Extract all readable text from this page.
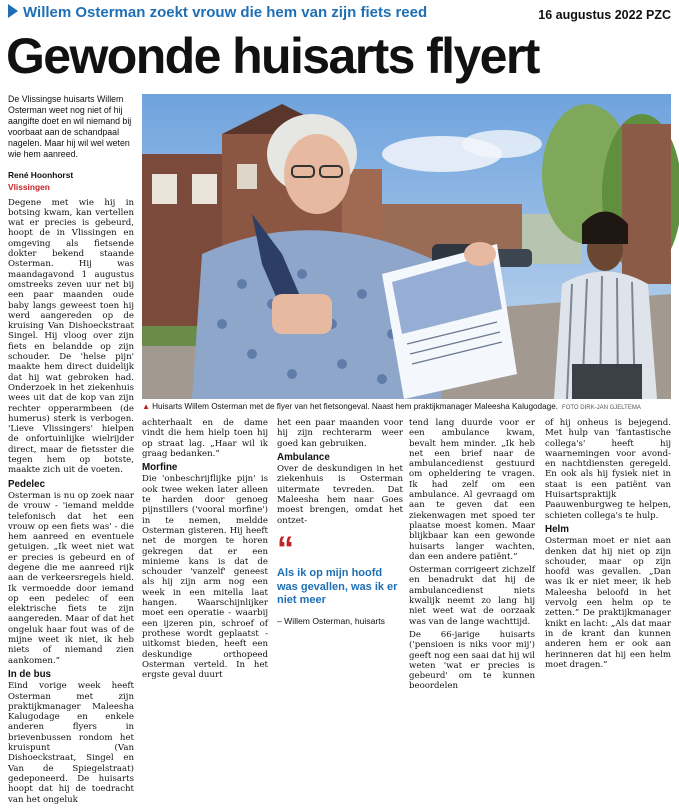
Willem Osterman zoekt vrouw die hem van zijn fiets reed	16 augustus 2022 PZC
Gewonde huisarts flyert
De Vlissingse huisarts Willem Osterman weet nog niet of hij aangifte doet en wil niemand bij voorbaat aan de schandpaal nagelen. Maar hij wil wel weten wie hem aanreed.
René Hoonhorst
Vlissingen
Degene met wie hij in botsing kwam, kan vertellen wat er precies is gebeurd, hoopt de in Vlissingen en omgeving als fietsende dokter bekend staande Osterman. Hij was maandagavond 1 augustus omstreeks zeven uur net bij een paar maanden oude baby langs geweest toen hij werd aangereden op de kruising Van Dishoeckstraat Singel. Hij vloog over zijn fiets en belandde op zijn schouder. De 'helse pijn' maakte hem direct duidelijk dat hij wat gebroken had. Onderzoek in het ziekenhuis wees uit dat de kop van zijn rechter opperarmbeen (de humerus) sterk is verbogen. 'Lieve Vlissingers' hielpen de onfortuinlijke wielrijder direct, maar de fietsster die tegen hem op botste, maakte zich uit de voeten.
Pedelec
Osterman is nu op zoek naar de vrouw - 'iemand meldde telefonisch dat het een vrouw op een fiets was' - die hem aanreed en eventuele getuigen. „Ik weet niet wat er precies is gebeurd en of degene die me aanreed rijk aan de verkeersregels hield. Ik vermoedde door iemand op een pedelec of een elektrische fiets te zijn aangereden. Maar of dat het ongeluk haar fout was of de mijne weet ik niet, ik heb niets of niemand zien aankomen.”
In de bus
Eind vorige week heeft Osterman met zijn praktijkmanager Maleesha Kalugodage en enkele anderen flyers in brievenbussen rondom het kruispunt (Van Dishoeckstraat, Singel en Van de Spiegelstraat) gedeponeerd. De huisarts hoopt dat hij de toedracht van het ongeluk
▲ Huisarts Willem Osterman met de flyer van het fietsongeval. Naast hem praktijkmanager Maleesha Kalugodage. FOTO DIRK-JAN GJELTEMA
achterhaalt en de dame vindt die hem hielp toen hij op straat lag. „Haar wil ik graag bedanken.”
Morfine
Die 'onbeschrijflijke pijn' is ook twee weken later alleen te harden door genoeg pijnstillers ('vooral morfine') in te nemen, meldde Osterman gisteren. Hij heeft net de morgen te horen gekregen dat er een minieme kans is dat de schouder 'vanzelf' geneest als hij zijn arm nog een week in een mitella laat hangen. Waarschijnlijker moet een operatie - waarbij een ijzeren pin, schroef of prothese wordt geplaatst - uitkomst bieden, heeft een deskundige orthopeed Osterman verteld. In het ergste geval duurt
het een paar maanden voor hij zijn rechterarm weer goed kan gebruiken.
Ambulance
Over de deskundigen in het ziekenhuis is Osterman uitermate tevreden. Dat Maleesha hem naar Goes moest brengen, omdat het ontzet-
“
Als ik op mijn hoofd was gevallen, was ik er niet meer
– Willem Osterman, huisarts
tend lang duurde voor er een ambulance kwam, bevalt hem minder. „Ik heb net een brief naar de ambulancedienst gestuurd om opheldering te vragen. Ik had zelf om een ambulance. Al gevraagd om aan te geven dat een ziekenwagen met spoed ter plaatse moest komen. Maar blijkbaar kan een gewonde huisarts langer wachten, dan een andere patiënt.”
Osterman corrigeert zichzelf en benadrukt dat hij de ambulancedienst niets kwalijk neemt zo lang hij niet weet wat de oorzaak was van de lange wachttijd.
De 66-jarige huisarts ('pensioen is niks voor mij') geeft nog een saai dat hij wil weten 'wat er precies is gebeurd' om te kunnen beoordelen
of hij onheus is bejegend. Met hulp van 'fantastische collega's' heeft hij waarnemingen voor avond- en nachtdiensten geregeld. En ook als hij fysiek niet in staat is een patiënt van Huisartspraktijk Paauwenburgweg te helpen, schieten collega's te hulp.
Helm
Osterman moet er niet aan denken dat hij niet op zijn schouder, maar op zijn hoofd was gevallen. „Dan was ik er niet meer, ik heb Maleesha beloofd in het vervolg een helm op te zetten.” De praktijkmanager knikt en lacht: „Als dat maar in de krant dan kunnen anderen hem er ook aan herinneren dat hij een helm moet dragen.”
